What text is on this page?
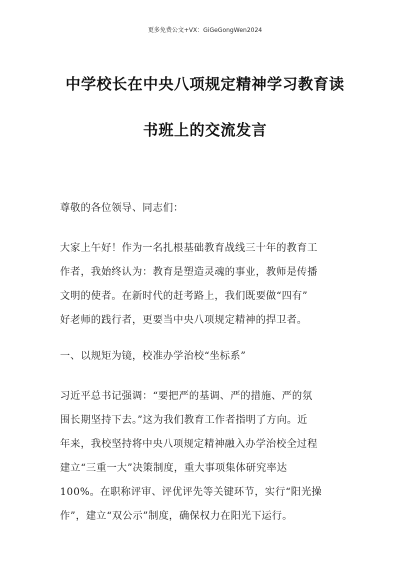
更多免费公文+VX：GiGeGongWen2024
中学校长在中央八项规定精神学习教育读
书班上的交流发言
尊敬的各位领导、同志们：
大家上午好！作为一名扎根基础教育战线三十年的教育工
作者，我始终认为：教育是塑造灵魂的事业，教师是传播
文明的使者。在新时代的赶考路上，我们既要做“四有”
好老师的践行者，更要当中央八项规定精神的捍卫者。
一、以规矩为镜，校准办学治校“坐标系”
习近平总书记强调：“要把严的基调、严的措施、严的氛
围长期坚持下去。”这为我们教育工作者指明了方向。近
年来，我校坚持将中央八项规定精神融入办学治校全过程
建立“三重一大”决策制度，重大事项集体研究率达
100%。在职称评审、评优评先等关键环节，实行“阳光操
作”，建立“双公示”制度，确保权力在阳光下运行。
